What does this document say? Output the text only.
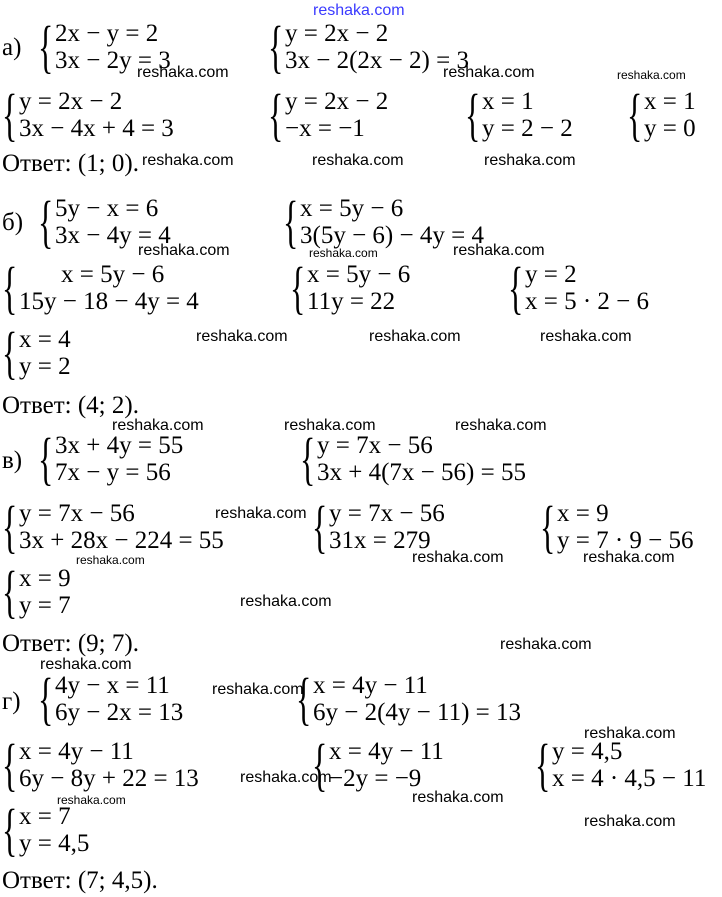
reshaka.com
а) { 2x − y = 2
3x − 2y = 3 { y = 2x − 2
3x − 2(2x − 2) = 3
{ y = 2x − 2
3x − 4x + 4 = 3 { y = 2x − 2
−x = −1	{ x = 1
y = 2 − 2 { x = 1
y = 0
Ответ: (1; 0).
reshaka.com	reshaka.com	reshaka.com
reshaka.com	reshaka.com	reshaka.com
б) { 5y − x = 6
3x − 4y = 4 { x = 5y − 6
3(5y − 6) − 4y = 4
{	x = 5y − 6
15y − 18 − 4y = 4 { x = 5y − 6
11y = 22 { y = 2
x = 5 · 2 − 6
{ x = 4
y = 2
Ответ: (4; 2).
reshaka.com	reshaka.com	reshaka.com
reshaka.com	reshaka.com	reshaka.com
в) { 3x + 4y = 55
7x − y = 56 { y = 7x − 56
3x + 4(7x − 56) = 55
{ y = 7x − 56
3x + 28x − 224 = 55 { y = 7x − 56
31x = 279 { x = 9
y = 7 · 9 − 56
{ x = 9
y = 7
Ответ: (9; 7).
reshaka.com	reshaka.com	reshaka.com
reshaka.com
reshaka.com	reshaka.com
reshaka.com
reshaka.com
reshaka.com
г) { 4y − x = 11
6y − 2x = 13 { x = 4y − 11
6y − 2(4y − 11) = 13
{ x = 4y − 11
6y − 8y + 22 = 13 { x = 4y − 11
−2y = −9	{ y = 4,5
x = 4 · 4,5 − 11
{ x = 7
y = 4,5
Ответ: (7; 4,5).
reshaka.com
reshaka.com
reshaka.com
reshaka.com
reshaka.com	reshaka.com
reshaka.com
